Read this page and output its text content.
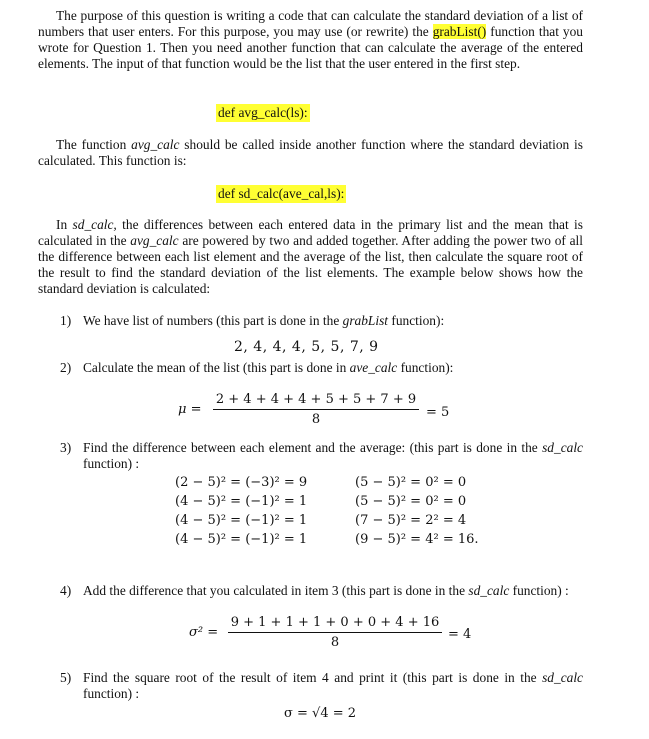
The purpose of this question is writing a code that can calculate the standard deviation of a list of numbers that user enters. For this purpose, you may use (or rewrite) the grabList() function that you wrote for Question 1. Then you need another function that can calculate the average of the entered elements. The input of that function would be the list that the user entered in the first step.
def avg_calc(ls):
The function avg_calc should be called inside another function where the standard deviation is calculated. This function is:
def sd_calc(ave_cal,ls):
In sd_calc, the differences between each entered data in the primary list and the mean that is calculated in the avg_calc are powered by two and added together. After adding the power two of all the difference between each list element and the average of the list, then calculate the square root of the result to find the standard deviation of the list elements. The example below shows how the standard deviation is calculated:
1) We have list of numbers (this part is done in the grabList function):
2, 4, 4, 4, 5, 5, 7, 9
2) Calculate the mean of the list (this part is done in ave_calc function):
μ =
2 + 4 + 4 + 4 + 5 + 5 + 7 + 9
8	= 5
3) Find the difference between each element and the average: (this part is done in the sd_calc function) :
(2 − 5)² = (−3)² = 9
(4 − 5)² = (−1)² = 1
(4 − 5)² = (−1)² = 1
(4 − 5)² = (−1)² = 1
(5 − 5)² = 0² = 0
(5 − 5)² = 0² = 0
(7 − 5)² = 2² = 4
(9 − 5)² = 4² = 16.
4) Add the difference that you calculated in item 3 (this part is done in the sd_calc function) :
σ² =
9 + 1 + 1 + 1 + 0 + 0 + 4 + 16
8
= 4
5) Find the square root of the result of item 4 and print it (this part is done in the sd_calc function) :
σ = √4 = 2
